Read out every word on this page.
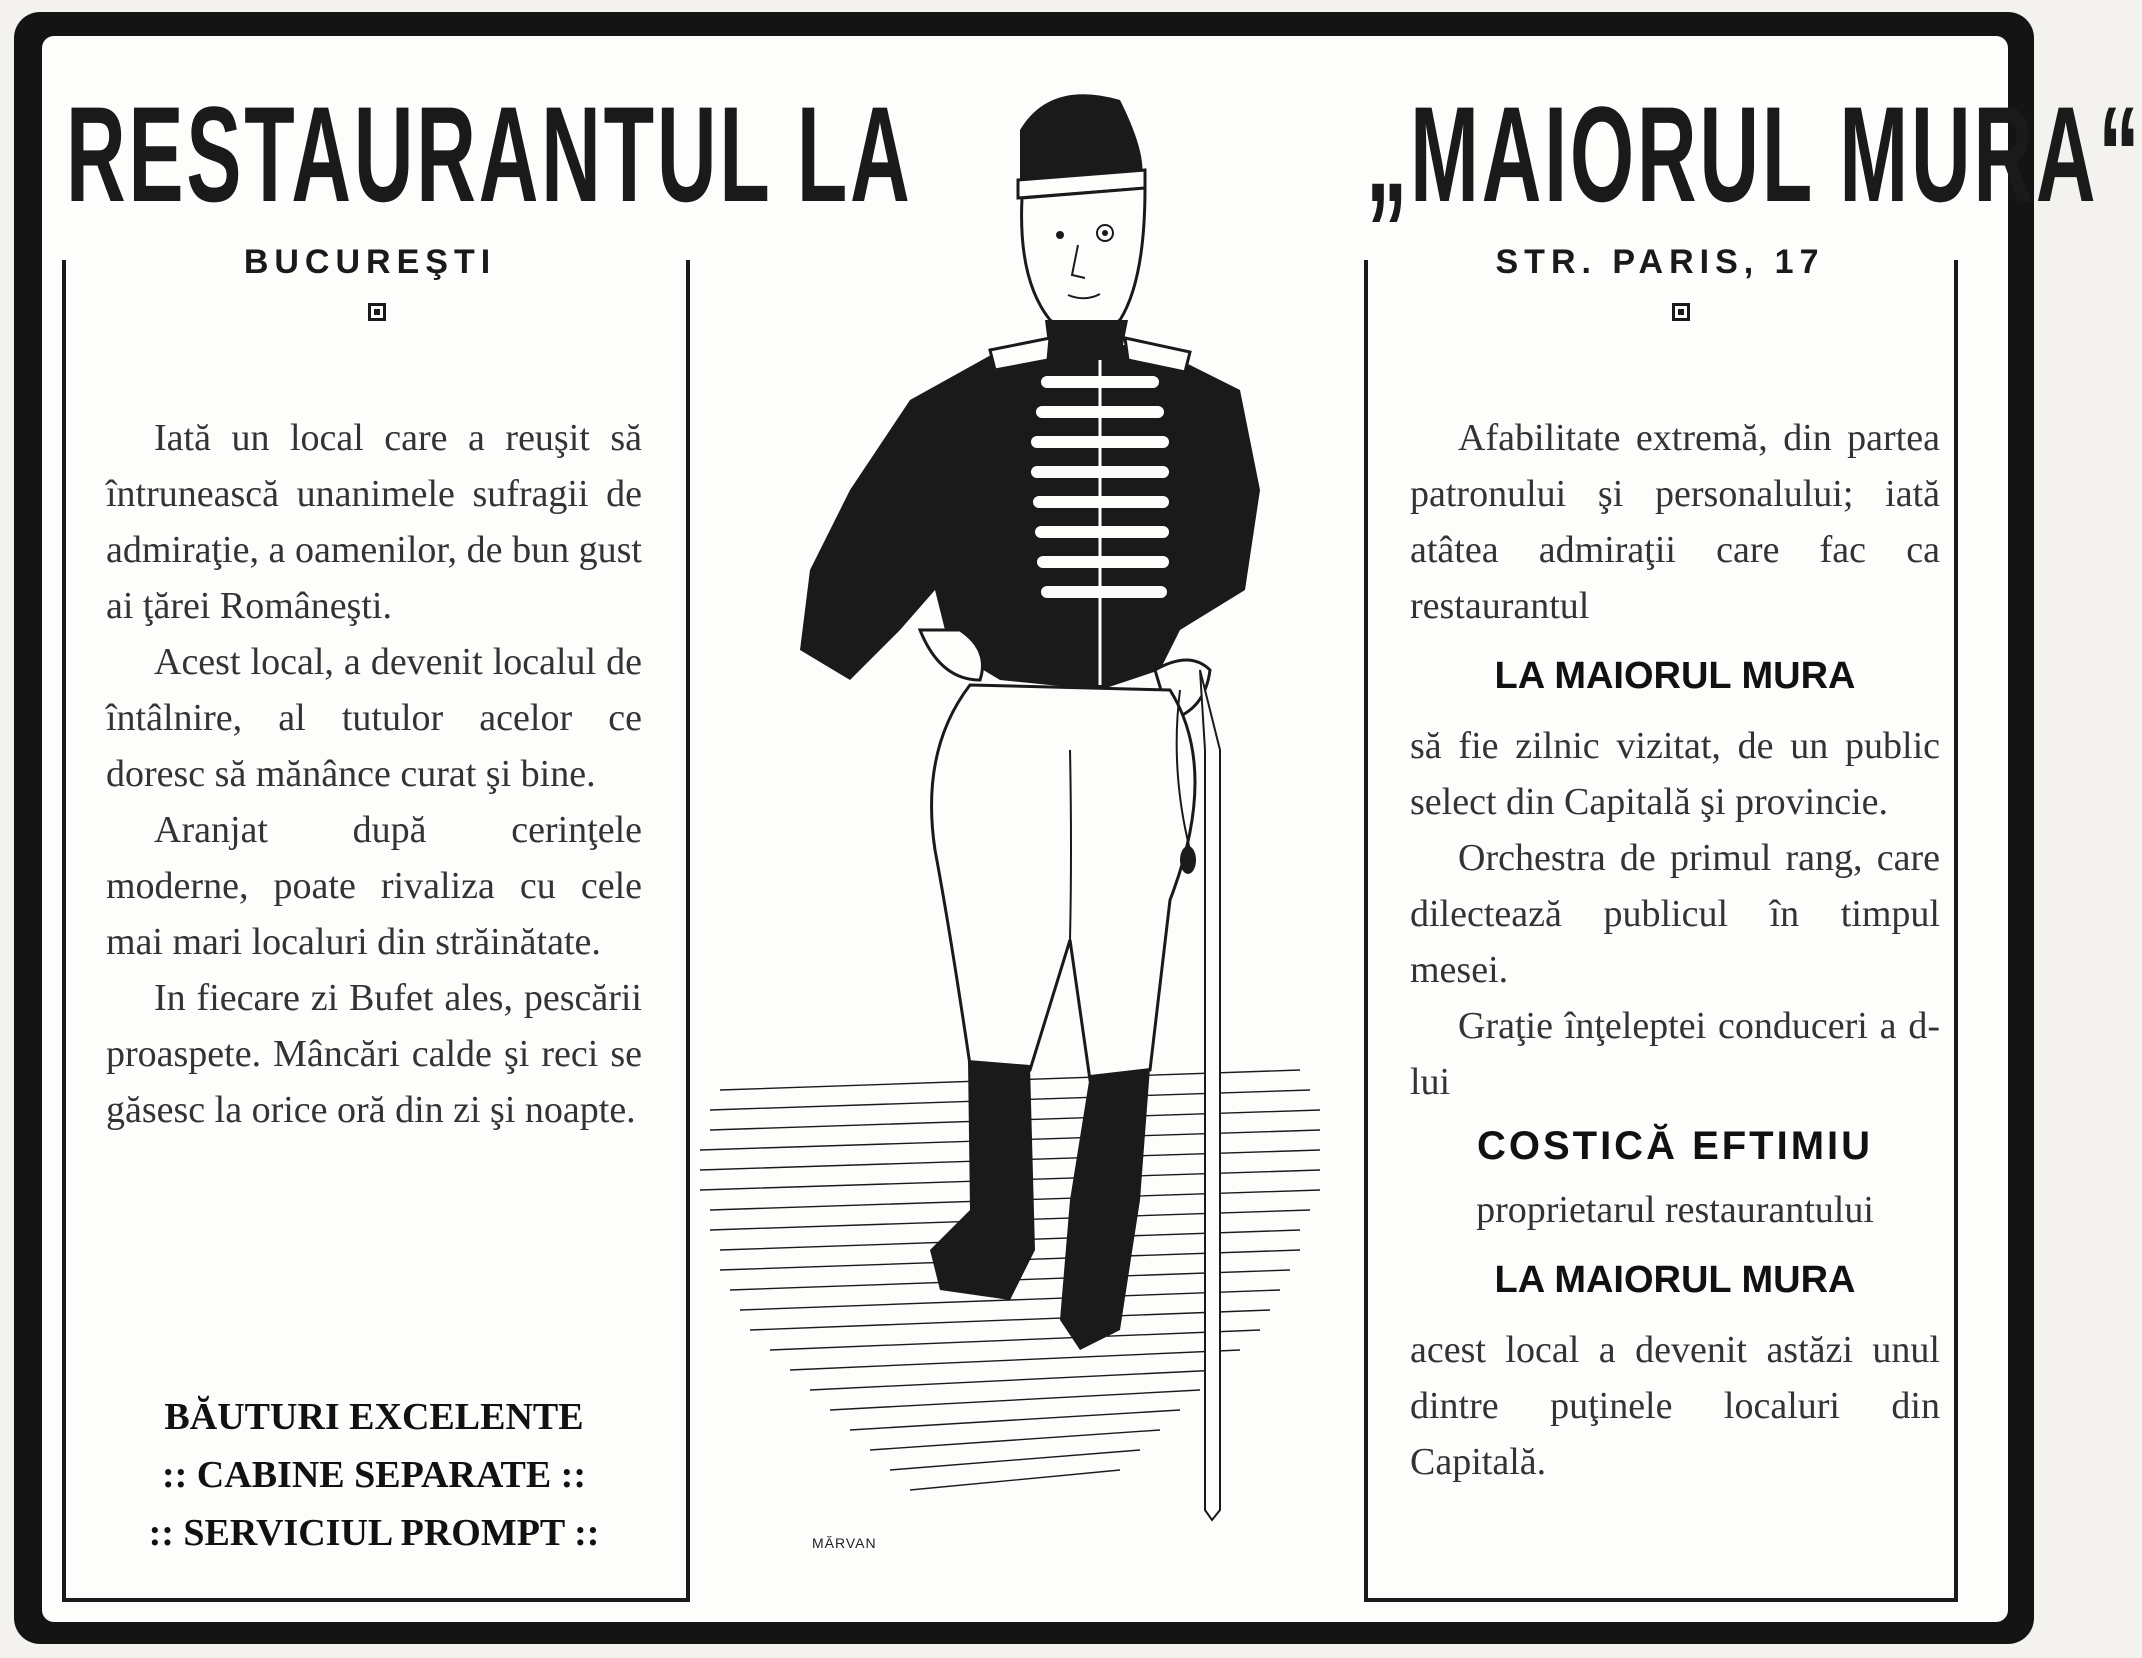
RESTAURANTUL LA	„MAIORUL MURA“
BUCUREŞTI	STR. PARIS, 17

Iată un local care a reuşit să întrunească unanimele sufragii de admiraţie, a oamenilor, de bun gust ai ţărei Româneşti.

Acest local, a devenit localul de întâlnire, al tutulor acelor ce doresc să mănânce curat şi bine.

Aranjat după cerinţele moderne, poate rivaliza cu cele mai mari localuri din străinătate.

In fiecare zi Bufet ales, pescării proaspete. Mâncări calde şi reci se găsesc la orice oră din zi şi noapte.

BĂUTURI EXCELENTE
:: CABINE SEPARATE ::
:: SERVICIUL PROMPT ::

Afabilitate extremă, din partea patronului şi personalului; iată atâtea admiraţii care fac ca restaurantul

LA MAIORUL MURA

să fie zilnic vizitat, de un public select din Capitală şi provincie.

Orchestra de primul rang, care dilectează publicul în timpul mesei.

Graţie înţeleptei conduceri a d-lui

COSTICĂ EFTIMIU

proprietarul restaurantului

LA MAIORUL MURA

acest local a devenit astăzi unul dintre puţinele localuri din Capitală.

MĂRVAN
